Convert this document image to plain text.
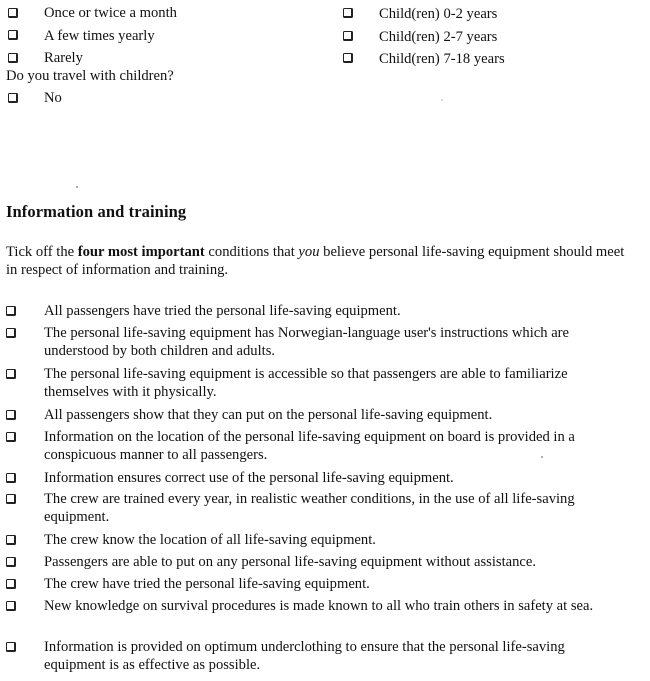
Once or twice a month
A few times yearly
Rarely
Do you travel with children?
No
Child(ren) 0-2 years
Child(ren) 2-7 years
Child(ren) 7-18 years
Information and training
Tick off the four most important conditions that you believe personal life-saving equipment should meet in respect of information and training.
All passengers have tried the personal life-saving equipment.
The personal life-saving equipment has Norwegian-language user's instructions which are understood by both children and adults.
The personal life-saving equipment is accessible so that passengers are able to familiarize themselves with it physically.
All passengers show that they can put on the personal life-saving equipment.
Information on the location of the personal life-saving equipment on board is provided in a conspicuous manner to all passengers.
Information ensures correct use of the personal life-saving equipment.
The crew are trained every year, in realistic weather conditions, in the use of all life-saving equipment.
The crew know the location of all life-saving equipment.
Passengers are able to put on any personal life-saving equipment without assistance.
The crew have tried the personal life-saving equipment.
New knowledge on survival procedures is made known to all who train others in safety at sea.
Information is provided on optimum underclothing to ensure that the personal life-saving equipment is as effective as possible.
